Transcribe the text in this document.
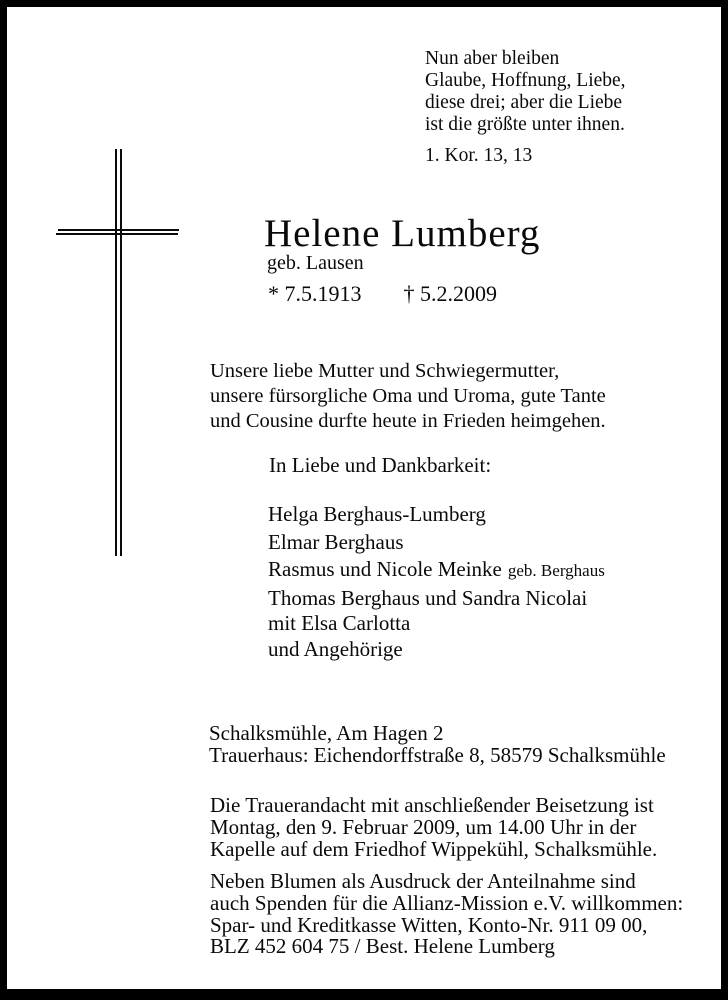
Nun aber bleiben
Glaube, Hoffnung, Liebe,
diese drei; aber die Liebe
ist die größte unter ihnen.
1. Kor. 13, 13
Helene Lumberg
geb. Lausen
* 7.5.1913 † 5.2.2009
Unsere liebe Mutter und Schwiegermutter,
unsere fürsorgliche Oma und Uroma, gute Tante
und Cousine durfte heute in Frieden heimgehen.
In Liebe und Dankbarkeit:
Helga Berghaus-Lumberg
Elmar Berghaus
Rasmus und Nicole Meinke geb. Berghaus
Thomas Berghaus und Sandra Nicolai
mit Elsa Carlotta
und Angehörige
Schalksmühle, Am Hagen 2
Trauerhaus: Eichendorffstraße 8, 58579 Schalksmühle
Die Trauerandacht mit anschließender Beisetzung ist
Montag, den 9. Februar 2009, um 14.00 Uhr in der
Kapelle auf dem Friedhof Wippekühl, Schalksmühle.
Neben Blumen als Ausdruck der Anteilnahme sind
auch Spenden für die Allianz-Mission e.V. willkommen:
Spar- und Kreditkasse Witten, Konto-Nr. 911 09 00,
BLZ 452 604 75 / Best. Helene Lumberg
